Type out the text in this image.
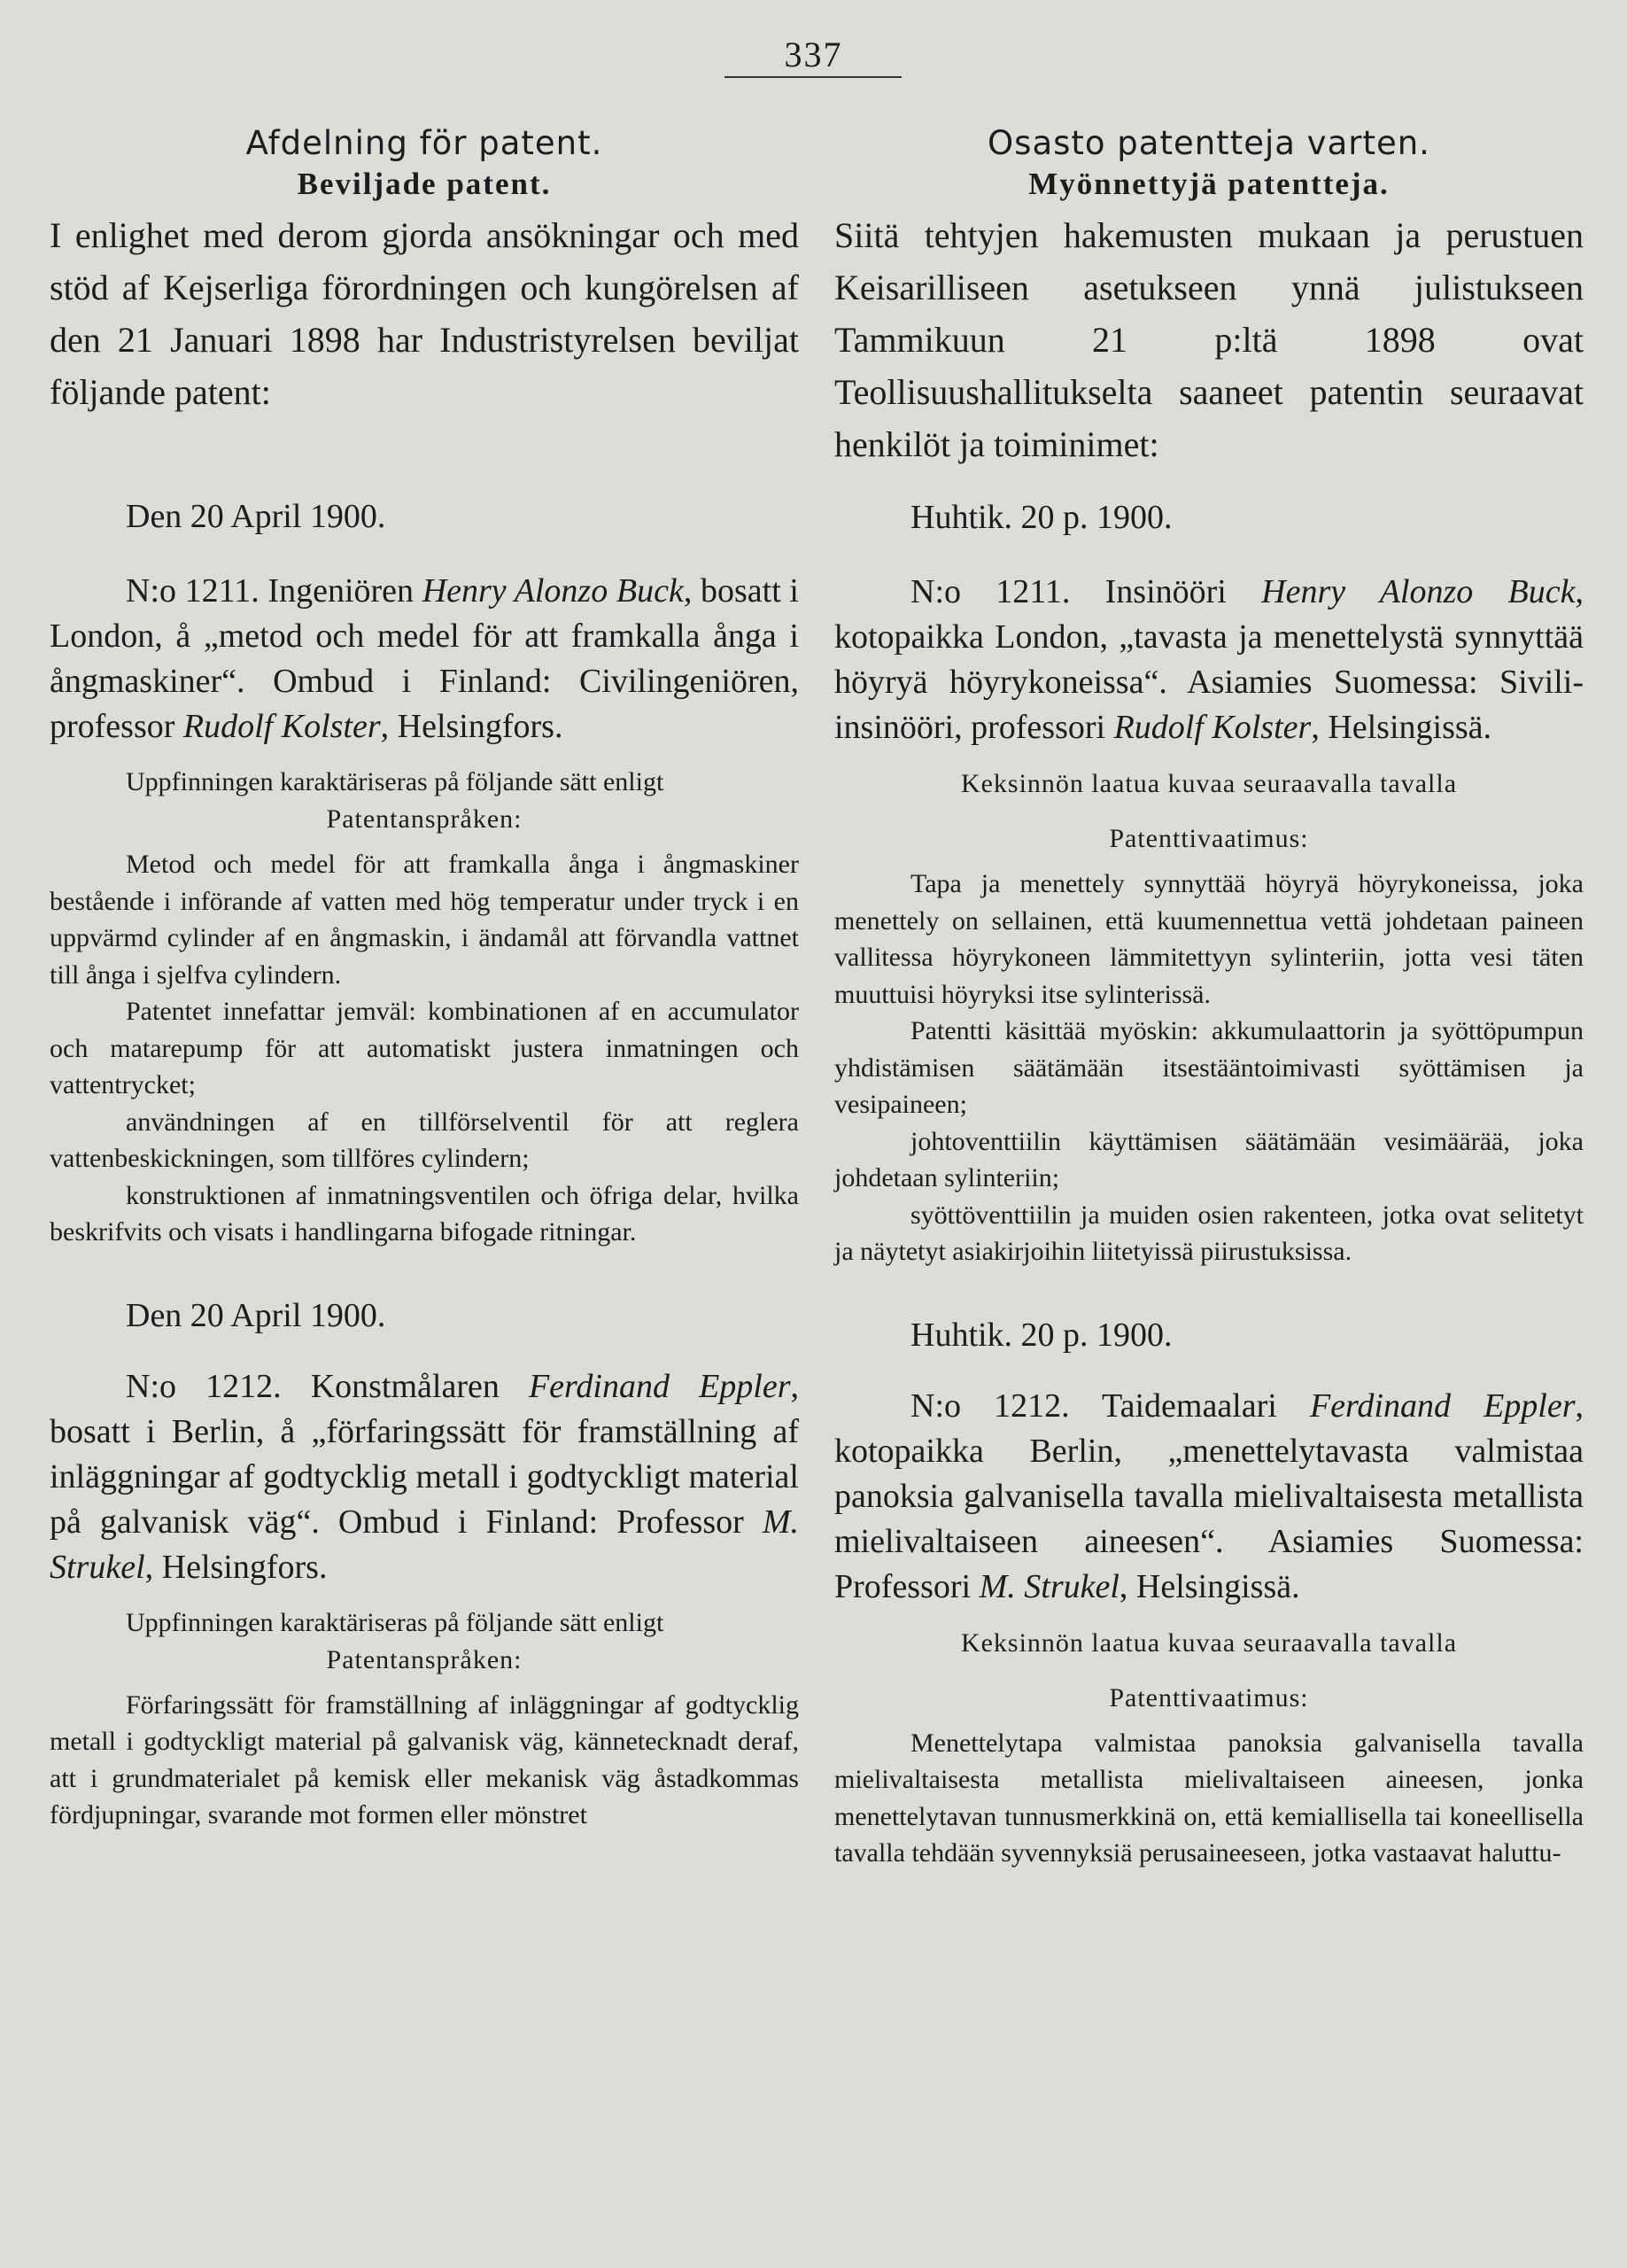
337

Afdelning för patent.

Beviljade patent.

I enlighet med derom gjorda ansökningar och med stöd af Kejserliga förordningen och kungörelsen af den 21 Januari 1898 har Industristyrelsen beviljat följande patent:

Den 20 April 1900.

N:o 1211. Ingeniören Henry Alonzo Buck, bosatt i London, å „metod och medel för att framkalla ånga i ångmaskiner“. Ombud i Finland: Civilingeniören, professor Rudolf Kolster, Helsingfors.

Uppfinningen karaktäriseras på följande sätt enligt

Patentanspråken:

Metod och medel för att framkalla ånga i ångmaskiner bestående i införande af vatten med hög temperatur under tryck i en uppvärmd cylinder af en ångmaskin, i ändamål att förvandla vattnet till ånga i sjelfva cylindern.

Patentet innefattar jemväl: kombinationen af en accumulator och matarepump för att automatiskt justera inmatningen och vattentrycket;

användningen af en tillförselventil för att reglera vattenbeskickningen, som tillföres cylindern;

konstruktionen af inmatningsventilen och öfriga delar, hvilka beskrifvits och visats i handlingarna bifogade ritningar.

Den 20 April 1900.

N:o 1212. Konstmålaren Ferdinand Eppler, bosatt i Berlin, å „förfaringssätt för framställning af inläggningar af godtycklig metall i godtyckligt material på galvanisk väg“. Ombud i Finland: Professor M. Strukel, Helsingfors.

Uppfinningen karaktäriseras på följande sätt enligt

Patentanspråken:

Förfaringssätt för framställning af inläggningar af godtycklig metall i godtyckligt material på galvanisk väg, kännetecknadt deraf, att i grundmaterialet på kemisk eller mekanisk väg åstadkommas fördjupningar, svarande mot formen eller mönstret

Osasto patentteja varten.

Myönnettyjä patentteja.

Siitä tehtyjen hakemusten mukaan ja perustuen Keisarilliseen asetukseen ynnä julistukseen Tammikuun 21 p:ltä 1898 ovat Teollisuushallitukselta saaneet patentin seuraavat henkilöt ja toiminimet:

Huhtik. 20 p. 1900.

N:o 1211. Insinööri Henry Alonzo Buck, kotopaikka London, „tavasta ja menettelystä synnyttää höyryä höyrykoneissa“. Asiamies Suomessa: Sivili-insinööri, professori Rudolf Kolster, Helsingissä.

Keksinnön laatua kuvaa seuraavalla tavalla

Patenttivaatimus:

Tapa ja menettely synnyttää höyryä höyrykoneissa, joka menettely on sellainen, että kuumennettua vettä johdetaan paineen vallitessa höyrykoneen lämmitettyyn sylinteriin, jotta vesi täten muuttuisi höyryksi itse sylinterissä.

Patentti käsittää myöskin: akkumulaattorin ja syöttöpumpun yhdistämisen säätämään itsestääntoimivasti syöttämisen ja vesipaineen;

johtoventtiilin käyttämisen säätämään vesimäärää, joka johdetaan sylinteriin;

syöttöventtiilin ja muiden osien rakenteen, jotka ovat selitetyt ja näytetyt asiakirjoihin liitetyissä piirustuksissa.

Huhtik. 20 p. 1900.

N:o 1212. Taidemaalari Ferdinand Eppler, kotopaikka Berlin, „menettelytavasta valmistaa panoksia galvanisella tavalla mielivaltaisesta metallista mielivaltaiseen aineesen“. Asiamies Suomessa: Professori M. Strukel, Helsingissä.

Keksinnön laatua kuvaa seuraavalla tavalla

Patenttivaatimus:

Menettelytapa valmistaa panoksia galvanisella tavalla mielivaltaisesta metallista mielivaltaiseen aineesen, jonka menettelytavan tunnusmerkkinä on, että kemiallisella tai koneellisella tavalla tehdään syvennyksiä perusaineeseen, jotka vastaavat haluttu-
